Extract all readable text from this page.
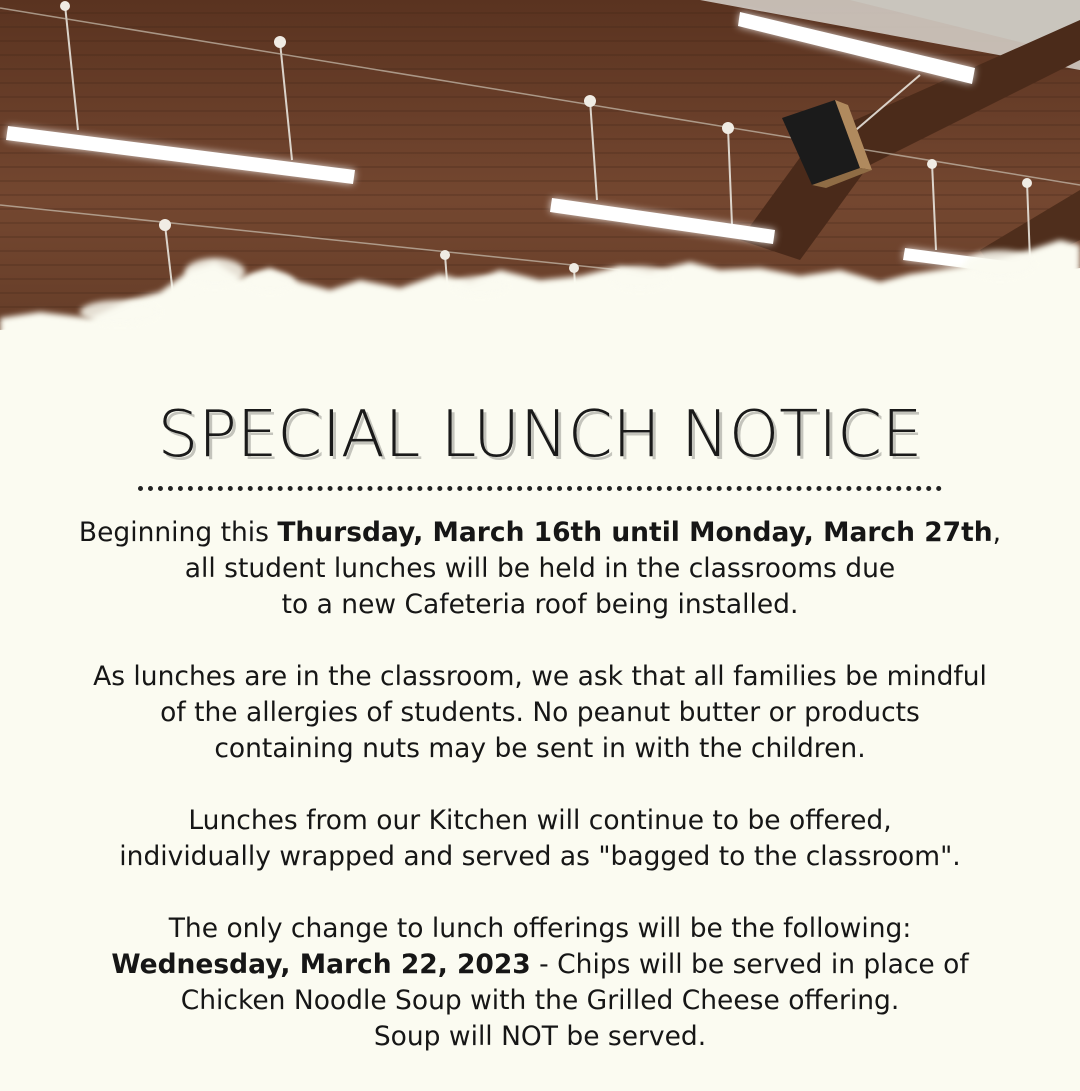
SPECIAL LUNCH NOTICE

Beginning this Thursday, March 16th until Monday, March 27th,
all student lunches will be held in the classrooms due
to a new Cafeteria roof being installed.

As lunches are in the classroom, we ask that all families be mindful
of the allergies of students. No peanut butter or products
containing nuts may be sent in with the children.

Lunches from our Kitchen will continue to be offered,
individually wrapped and served as "bagged to the classroom".

The only change to lunch offerings will be the following:
Wednesday, March 22, 2023 - Chips will be served in place of
Chicken Noodle Soup with the Grilled Cheese offering.
Soup will NOT be served.
